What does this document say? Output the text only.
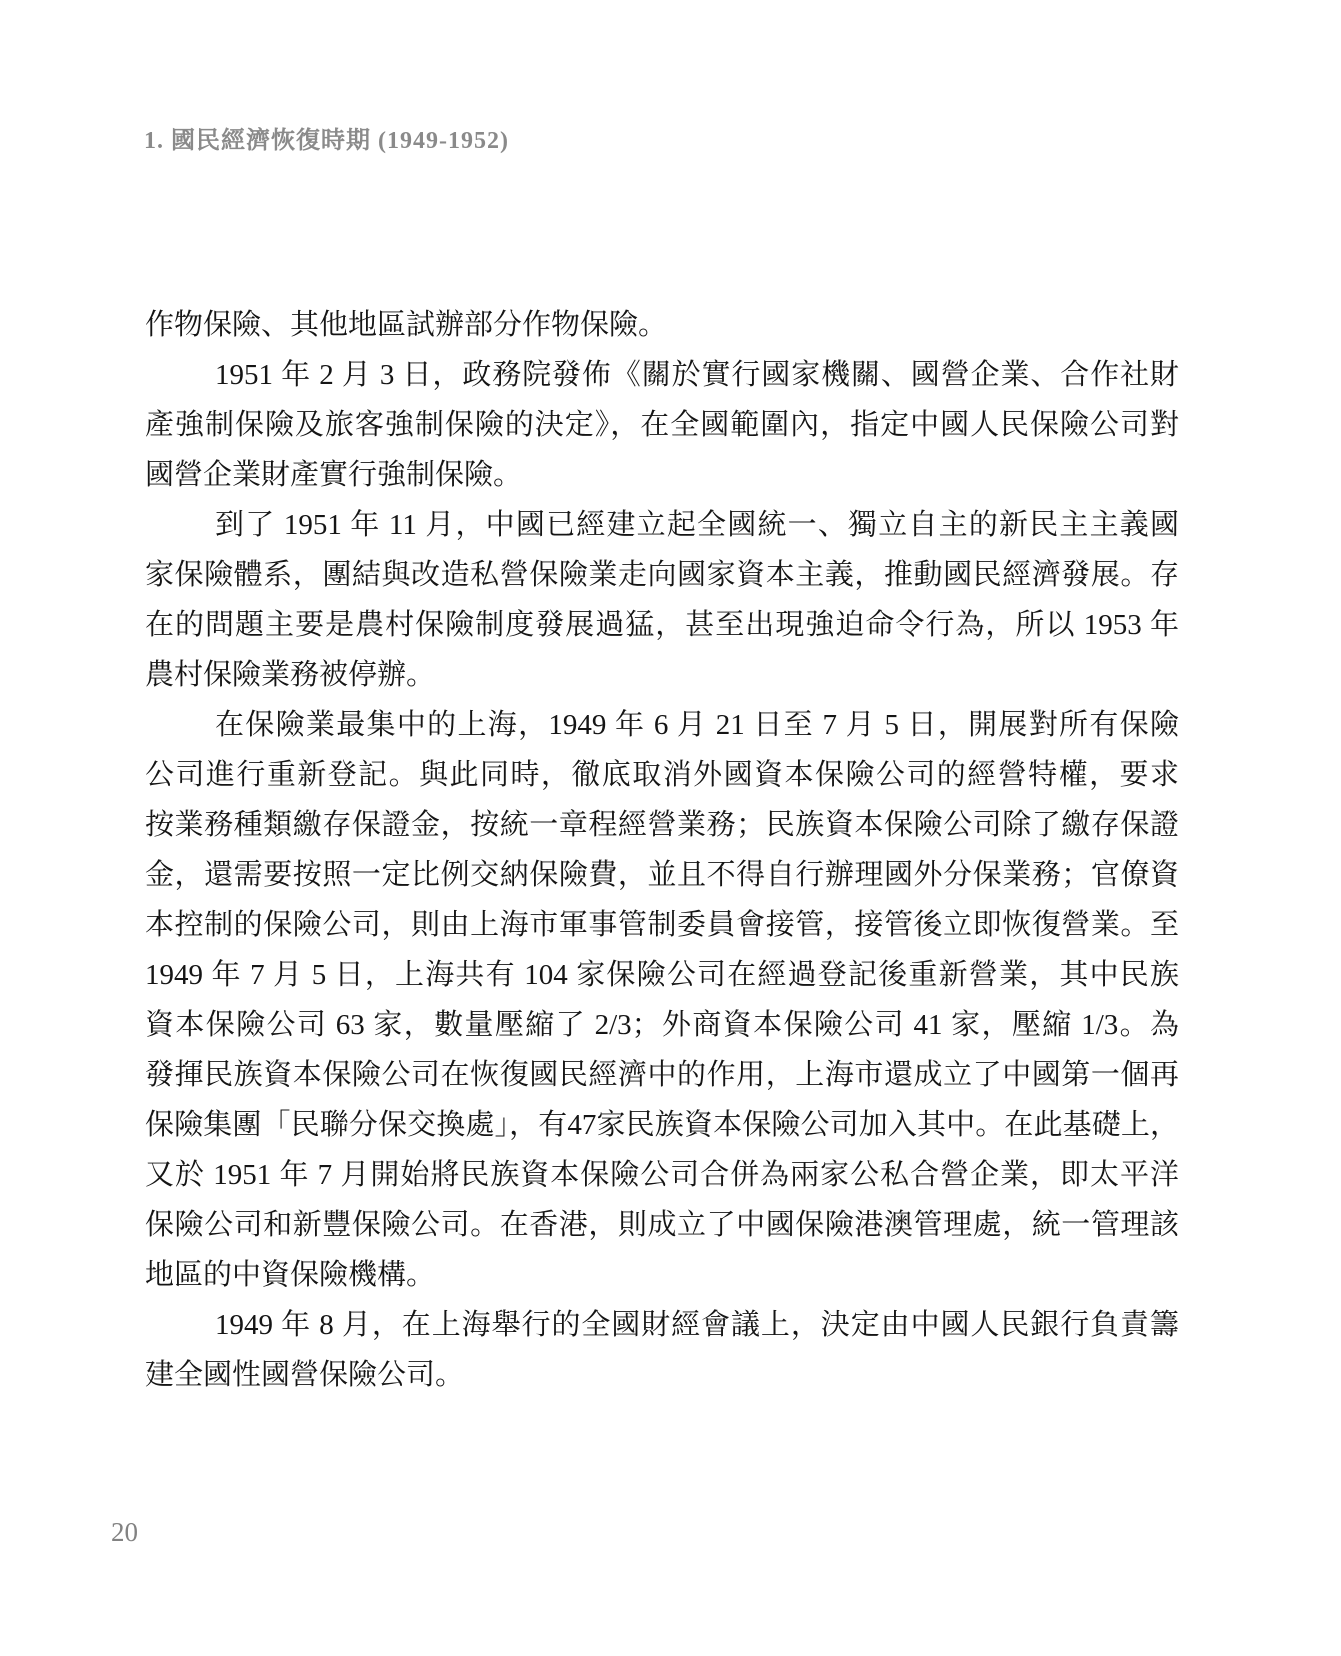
1. 國民經濟恢復時期 (1949-1952)
作物保險、其他地區試辦部分作物保險。
1951 年 2 月 3 日，政務院發佈《關於實行國家機關、國營企業、合作社財
產強制保險及旅客強制保險的決定》，在全國範圍內，指定中國人民保險公司對
國營企業財產實行強制保險。
到了 1951 年 11 月，中國已經建立起全國統一、獨立自主的新民主主義國
家保險體系，團結與改造私營保險業走向國家資本主義，推動國民經濟發展。存
在的問題主要是農村保險制度發展過猛，甚至出現強迫命令行為，所以 1953 年
農村保險業務被停辦。
在保險業最集中的上海，1949 年 6 月 21 日至 7 月 5 日，開展對所有保險
公司進行重新登記。與此同時，徹底取消外國資本保險公司的經營特權，要求
按業務種類繳存保證金，按統一章程經營業務；民族資本保險公司除了繳存保證
金，還需要按照一定比例交納保險費，並且不得自行辦理國外分保業務；官僚資
本控制的保險公司，則由上海市軍事管制委員會接管，接管後立即恢復營業。至
1949 年 7 月 5 日，上海共有 104 家保險公司在經過登記後重新營業，其中民族
資本保險公司 63 家，數量壓縮了 2/3；外商資本保險公司 41 家，壓縮 1/3。為
發揮民族資本保險公司在恢復國民經濟中的作用，上海市還成立了中國第一個再
保險集團「民聯分保交換處」，有47家民族資本保險公司加入其中。在此基礎上，
又於 1951 年 7 月開始將民族資本保險公司合併為兩家公私合營企業，即太平洋
保險公司和新豐保險公司。在香港，則成立了中國保險港澳管理處，統一管理該
地區的中資保險機構。
1949 年 8 月，在上海舉行的全國財經會議上，決定由中國人民銀行負責籌
建全國性國營保險公司。
20
